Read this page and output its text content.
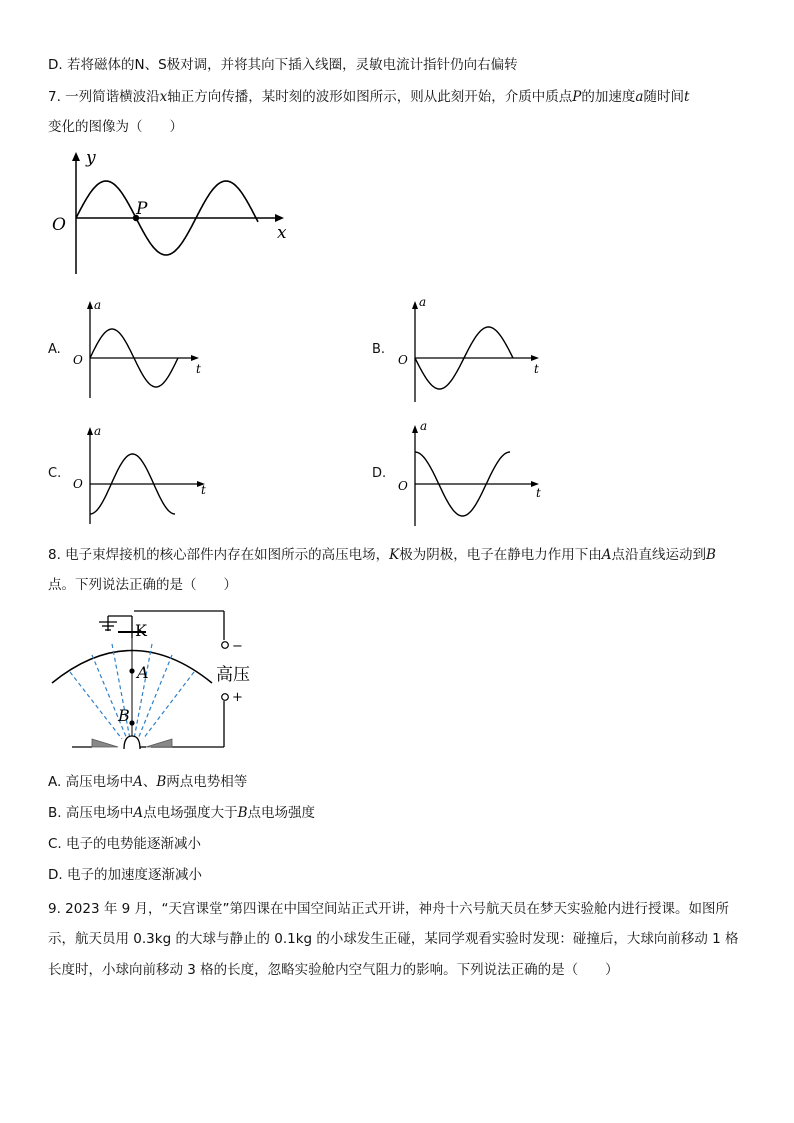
D. 若将磁体的N、S极对调，并将其向下插入线圈，灵敏电流计指针仍向右偏转
7. 一列简谐横波沿x轴正方向传播，某时刻的波形如图所示，则从此刻开始，介质中质点P的加速度a随时间t
变化的图像为（　　）
y
x
O
P
A.
a
t
O
B.
a
t
O
C.
a
t
O
D.
a
t
O
8. 电子束焊接机的核心部件内存在如图所示的高压电场，K极为阴极，电子在静电力作用下由A点沿直线运动到B
点。下列说法正确的是（　　）
K
−
高压
+
A
B
A. 高压电场中A、B两点电势相等
B. 高压电场中A点电场强度大于B点电场强度
C. 电子的电势能逐渐减小
D. 电子的加速度逐渐减小
9. 2023 年 9 月，“天宫课堂”第四课在中国空间站正式开讲，神舟十六号航天员在梦天实验舱内进行授课。如图所
示，航天员用 0.3kg 的大球与静止的 0.1kg 的小球发生正碰，某同学观看实验时发现：碰撞后，大球向前移动 1 格
长度时，小球向前移动 3 格的长度，忽略实验舱内空气阻力的影响。下列说法正确的是（　　）
